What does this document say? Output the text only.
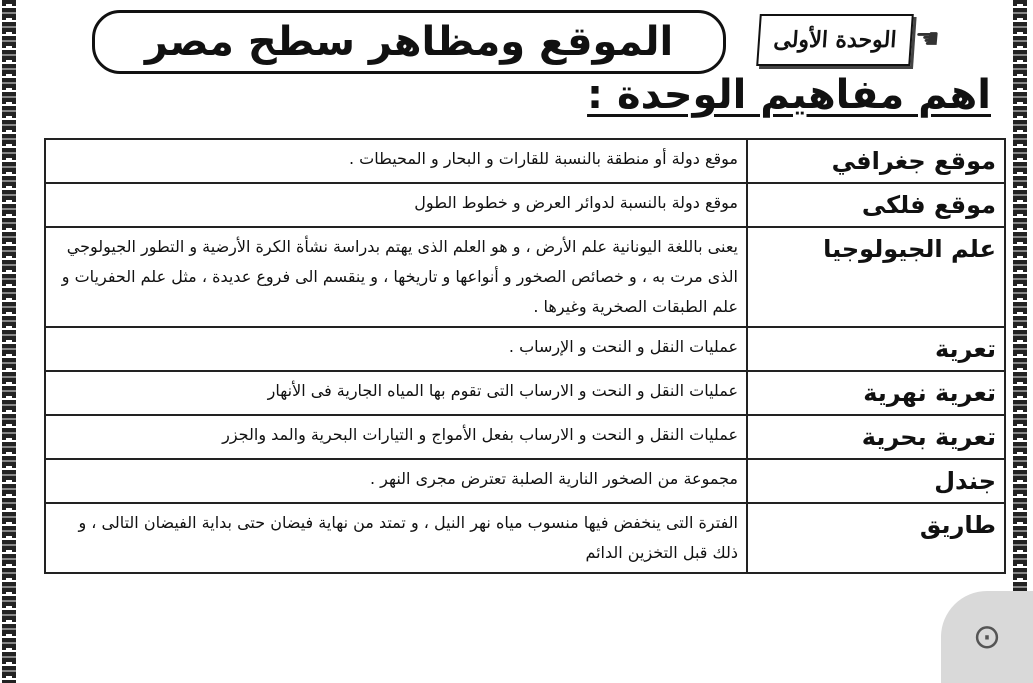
الوحدة الأولى ☚
الموقع ومظاهر سطح مصر
اهم مفاهيم الوحدة :
موقع جغرافي	موقع دولة أو منطقة بالنسبة للقارات و البحار و المحيطات .
موقع فلكى	موقع دولة بالنسبة لدوائر العرض و خطوط الطول
علم الجيولوجيا	يعنى باللغة اليونانية علم الأرض ، و هو العلم الذى يهتم بدراسة نشأة الكرة الأرضية و التطور الجيولوجي الذى مرت به ، و خصائص الصخور و أنواعها و تاريخها ، و ينقسم الى فروع عديدة ، مثل علم الحفريات و علم الطبقات الصخرية وغيرها .
تعرية	عمليات النقل و النحت و الإرساب .
تعرية نهرية	عمليات النقل و النحت و الارساب التى تقوم بها المياه الجارية فى الأنهار
تعرية بحرية	عمليات النقل و النحت و الارساب بفعل الأمواج و التيارات البحرية والمد والجزر
جندل	مجموعة من الصخور النارية الصلبة تعترض مجرى النهر .
طاريق	الفترة التى ينخفض فيها منسوب مياه نهر النيل ، و تمتد من نهاية فيضان حتى بداية الفيضان التالى ، و ذلك قبل التخزين الدائم
⊙
